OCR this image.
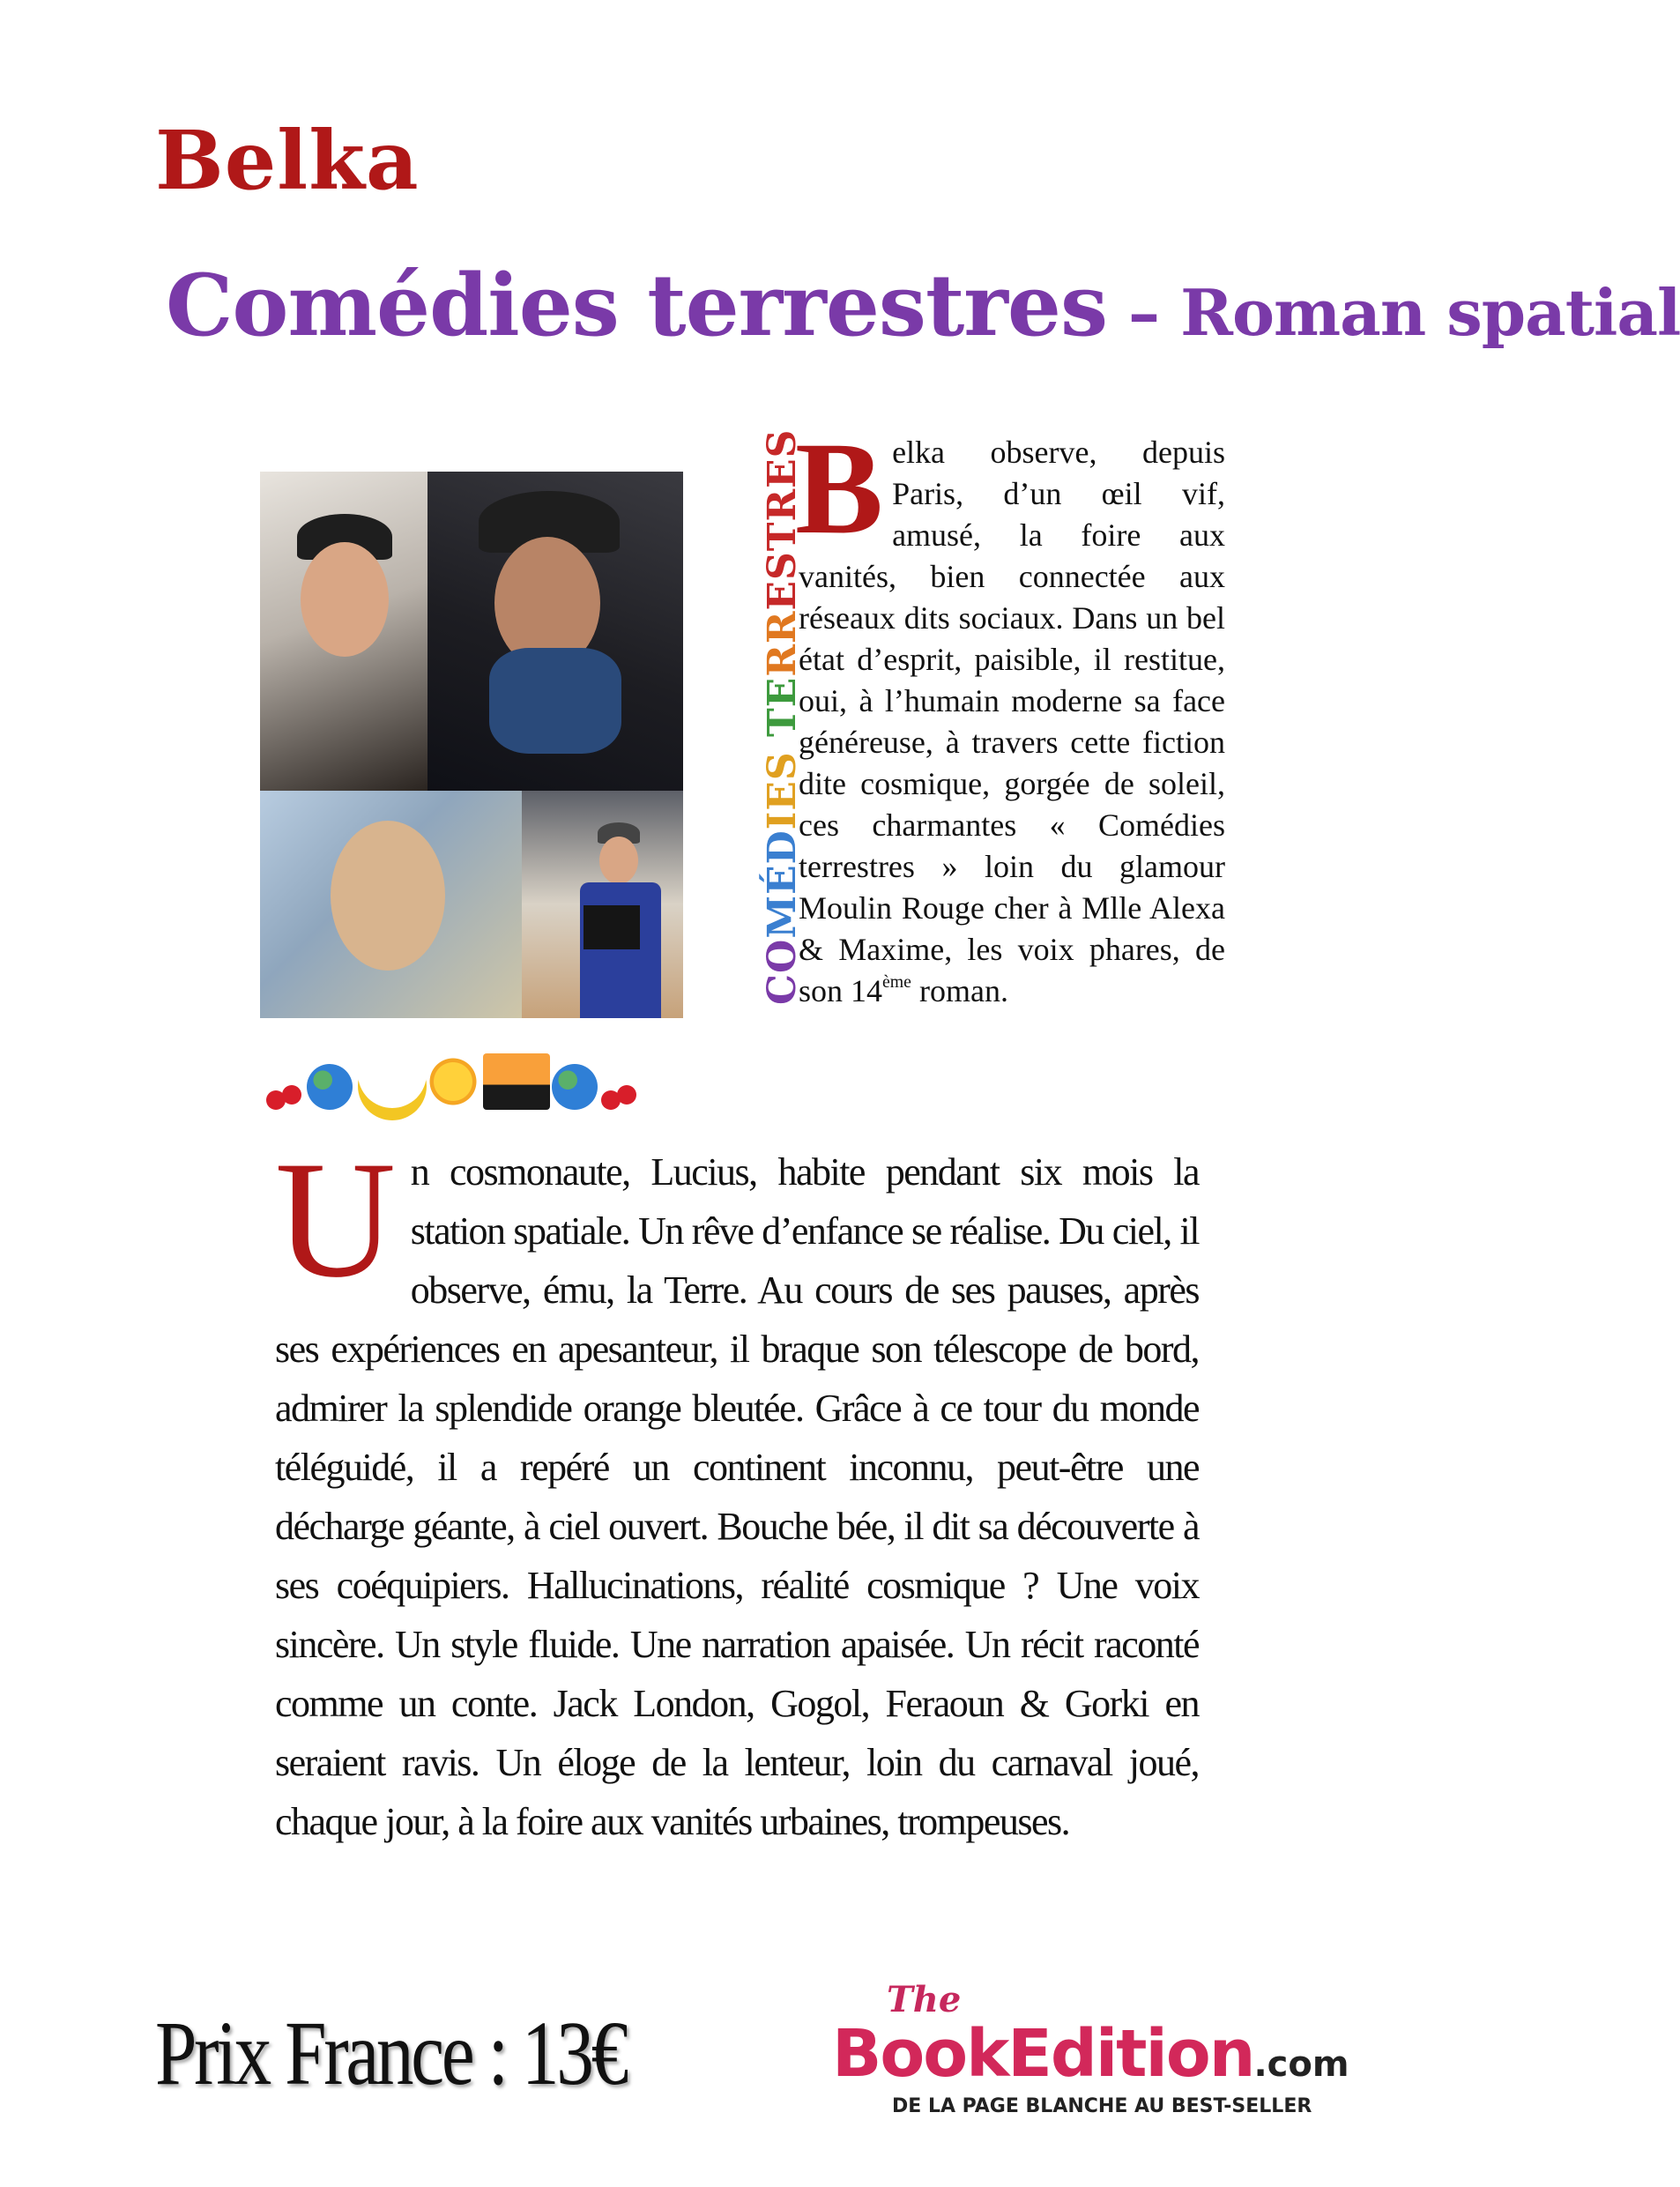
Belka
Comédies terrestres – Roman spatial
COMÉDIES TERRESTRES

Belka observe, depuis Paris, d’un œil vif, amusé, la foire aux vanités, bien connectée aux réseaux dits sociaux. Dans un bel état d’esprit, paisible, il restitue, oui, à l’humain moderne sa face généreuse, à travers cette fiction dite cosmique, gorgée de soleil, ces charmantes « Comédies terrestres » loin du glamour Moulin Rouge cher à Mlle Alexa & Maxime, les voix phares, de son 14ème roman.

Un cosmonaute, Lucius, habite pendant six mois la station spatiale. Un rêve d’enfance se réalise. Du ciel, il observe, ému, la Terre. Au cours de ses pauses, après ses expériences en apesanteur, il braque son télescope de bord, admirer la splendide orange bleutée. Grâce à ce tour du monde téléguidé, il a repéré un continent inconnu, peut-être une décharge géante, à ciel ouvert. Bouche bée, il dit sa découverte à ses coéquipiers. Hallucinations, réalité cosmique ? Une voix sincère. Un style fluide. Une narration apaisée. Un récit raconté comme un conte. Jack London, Gogol, Feraoun & Gorki en seraient ravis. Un éloge de la lenteur, loin du carnaval joué, chaque jour, à la foire aux vanités urbaines, trompeuses.

Prix France : 13€

The
BookEdition.com
DE LA PAGE BLANCHE AU BEST-SELLER
